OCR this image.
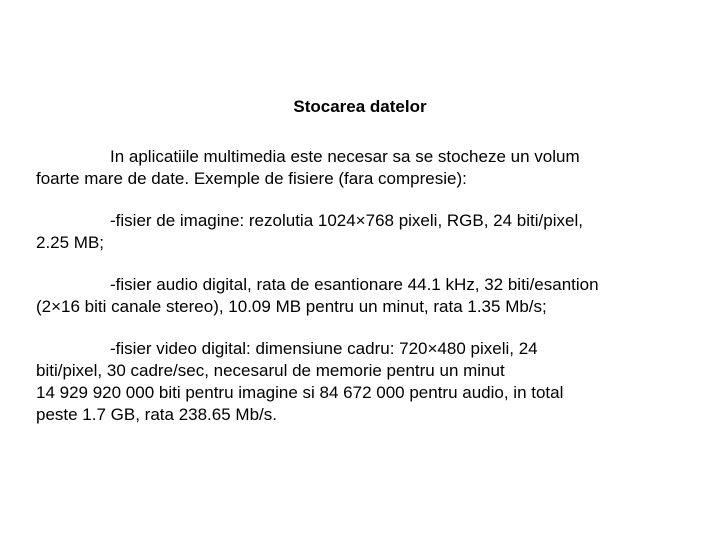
Stocarea datelor

In aplicatiile multimedia este necesar sa se stocheze un volum
foarte mare de date. Exemple de fisiere (fara compresie):

-fisier de imagine: rezolutia 1024×768 pixeli, RGB, 24 biti/pixel,
2.25 MB;

-fisier audio digital, rata de esantionare 44.1 kHz, 32 biti/esantion
(2×16 biti canale stereo), 10.09 MB pentru un minut, rata 1.35 Mb/s;

-fisier video digital: dimensiune cadru: 720×480 pixeli, 24
biti/pixel, 30 cadre/sec, necesarul de memorie pentru un minut
14 929 920 000 biti pentru imagine si 84 672 000 pentru audio, in total
peste 1.7 GB, rata 238.65 Mb/s.
